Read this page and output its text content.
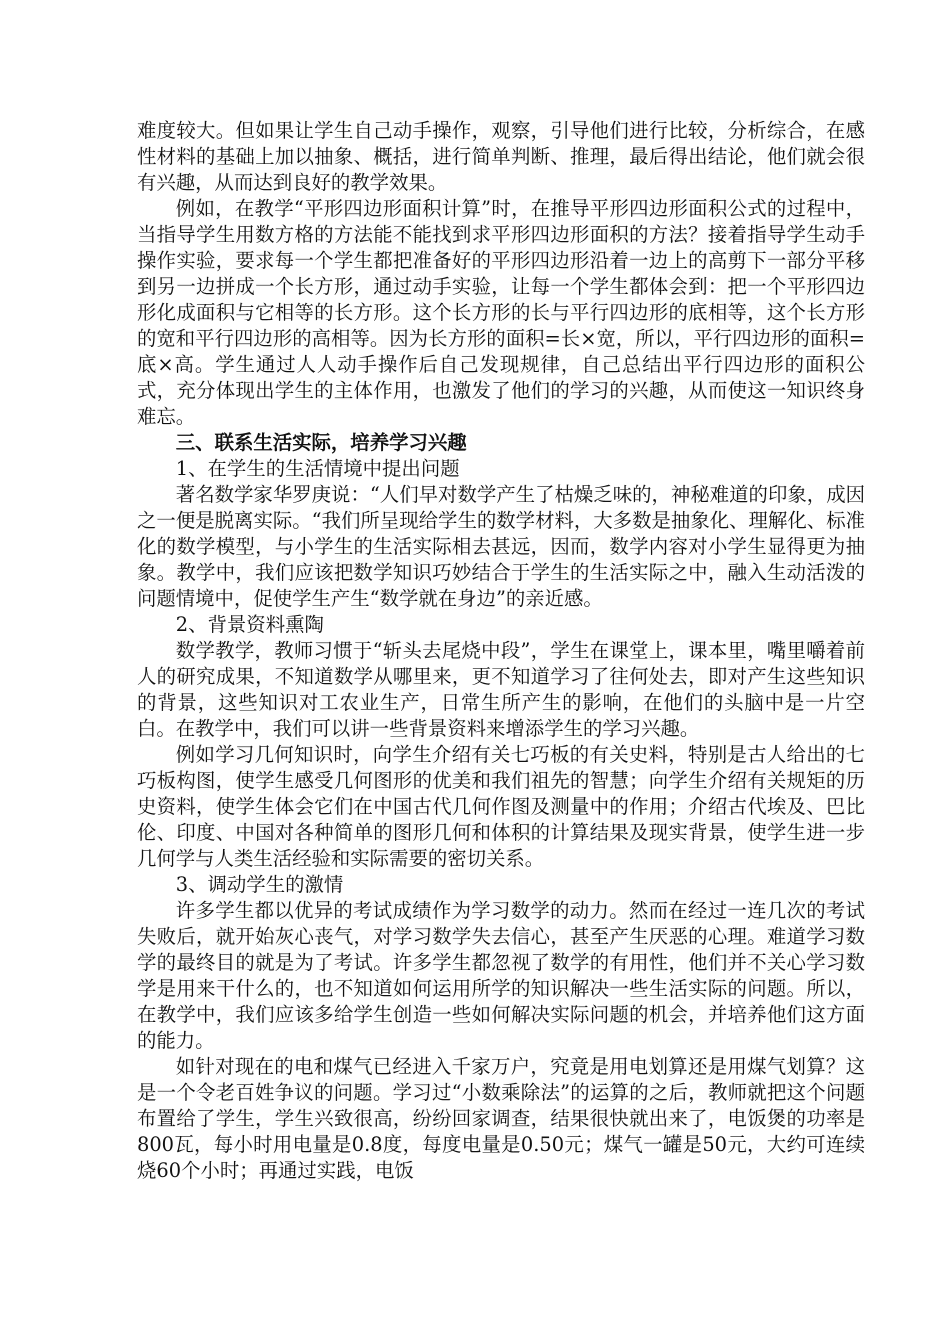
难度较大。但如果让学生自己动手操作，观察，引导他们进行比较，分析综合，在感性材料的基础上加以抽象、概括，进行简单判断、推理，最后得出结论，他们就会很有兴趣，从而达到良好的教学效果。

例如，在教学“平形四边形面积计算”时，在推导平形四边形面积公式的过程中，当指导学生用数方格的方法能不能找到求平形四边形面积的方法？接着指导学生动手操作实验，要求每一个学生都把准备好的平形四边形沿着一边上的高剪下一部分平移到另一边拼成一个长方形，通过动手实验，让每一个学生都体会到：把一个平形四边形化成面积与它相等的长方形。这个长方形的长与平行四边形的底相等，这个长方形的宽和平行四边形的高相等。因为长方形的面积=长×宽，所以，平行四边形的面积=底×高。学生通过人人动手操作后自己发现规律，自己总结出平行四边形的面积公式，充分体现出学生的主体作用，也激发了他们的学习的兴趣，从而使这一知识终身难忘。

三、联系生活实际，培养学习兴趣

1、在学生的生活情境中提出问题

著名数学家华罗庚说：“人们早对数学产生了枯燥乏味的，神秘难道的印象，成因之一便是脱离实际。“我们所呈现给学生的数学材料，大多数是抽象化、理解化、标准化的数学模型，与小学生的生活实际相去甚远，因而，数学内容对小学生显得更为抽象。教学中，我们应该把数学知识巧妙结合于学生的生活实际之中，融入生动活泼的问题情境中，促使学生产生“数学就在身边”的亲近感。

2、背景资料熏陶

数学教学，教师习惯于“斩头去尾烧中段”，学生在课堂上，课本里，嘴里嚼着前人的研究成果，不知道数学从哪里来，更不知道学习了往何处去，即对产生这些知识的背景，这些知识对工农业生产，日常生所产生的影响，在他们的头脑中是一片空白。在教学中，我们可以讲一些背景资料来增添学生的学习兴趣。

例如学习几何知识时，向学生介绍有关七巧板的有关史料，特别是古人给出的七巧板构图，使学生感受几何图形的优美和我们祖先的智慧；向学生介绍有关规矩的历史资料，使学生体会它们在中国古代几何作图及测量中的作用；介绍古代埃及、巴比伦、印度、中国对各种简单的图形几何和体积的计算结果及现实背景，使学生进一步几何学与人类生活经验和实际需要的密切关系。

3、调动学生的激情

许多学生都以优异的考试成绩作为学习数学的动力。然而在经过一连几次的考试失败后，就开始灰心丧气，对学习数学失去信心，甚至产生厌恶的心理。难道学习数学的最终目的就是为了考试。许多学生都忽视了数学的有用性，他们并不关心学习数学是用来干什么的，也不知道如何运用所学的知识解决一些生活实际的问题。所以，在教学中，我们应该多给学生创造一些如何解决实际问题的机会，并培养他们这方面的能力。

如针对现在的电和煤气已经进入千家万户，究竟是用电划算还是用煤气划算？这是一个令老百姓争议的问题。学习过“小数乘除法”的运算的之后，教师就把这个问题布置给了学生，学生兴致很高，纷纷回家调查，结果很快就出来了，电饭煲的功率是800瓦，每小时用电量是0.8度，每度电量是0.50元；煤气一罐是50元，大约可连续烧60个小时；再通过实践，电饭
